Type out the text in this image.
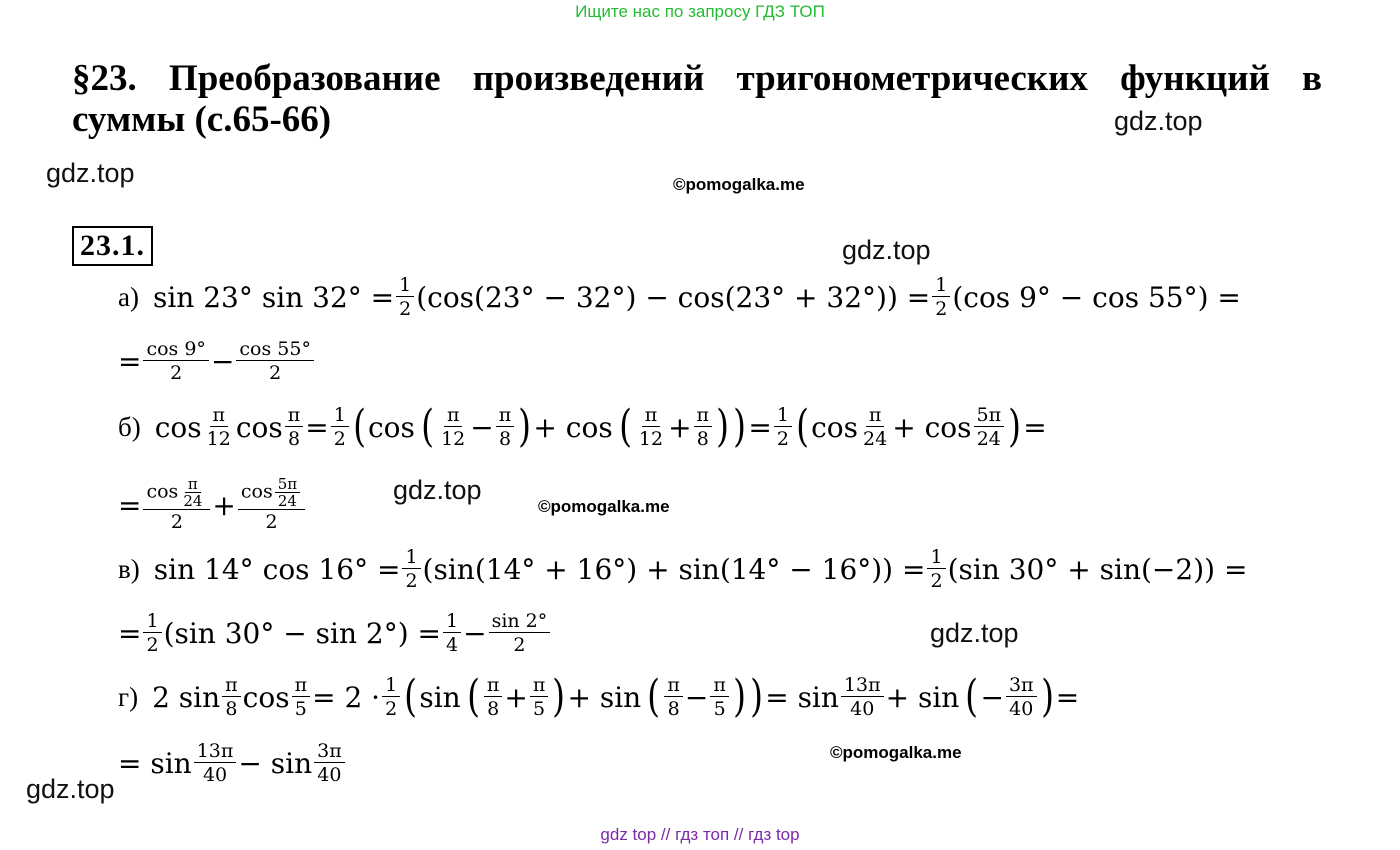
Ищите нас по запросу ГДЗ ТОП
§23. Преобразование произведений тригонометрических функций в суммы (с.65-66)	gdz.top
gdz.top	©pomogalka.me
23.1.	gdz.top
а) sin 23° sin 32° = 1
2 (cos(23° − 32°) − cos(23° + 32°)) = 1
2 (cos 9° − cos 55°) =
= cos 9°
2 − cos 55°
2
б) cos π
12 cos π
8 = 1
2 ( cos ( π
12 − π
8 ) + cos ( π
12 + π
8 ) ) = 1
2 ( cos π
24 + cos 5π
24 ) =
= $\cos \frac{\pi}{24}$
2
+ $\cos \frac{5\pi}{24}$
2
gdz.top
©pomogalka.me
в) sin 14° cos 16° = 1
2 (sin(14° + 16°) + sin(14° − 16°)) = 1
2 (sin 30° + sin(−2)) =
= 1
2 (sin 30° − sin 2°) = 1
4 − sin 2°
2	gdz.top
г) 2 sin π
8 cos π
5 = 2 · 1
2 ( sin ( π
8 + π
5 ) + sin ( π
8 − π
5 ) ) = sin 13π
40 + sin ( − 3π
40 ) =
= sin 13π
40 − sin 3π
40
©pomogalka.me
gdz.top
gdz top // гдз топ // гдз top
